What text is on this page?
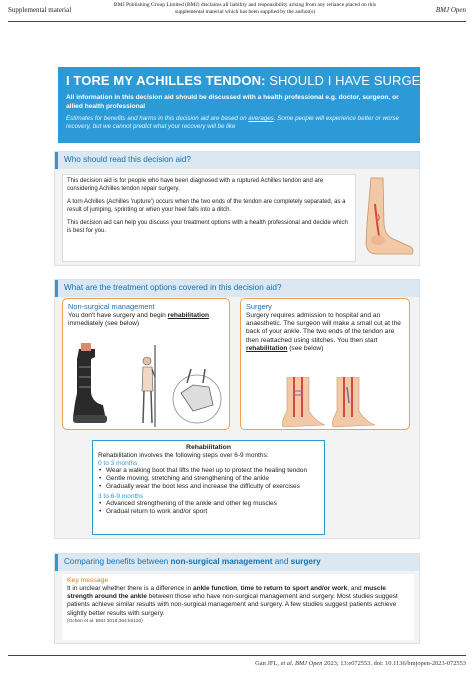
Supplemental material
BMJ Publishing Group Limited (BMJ) disclaims all liability and responsibility arising from any reliance placed on this supplemental material which has been supplied by the author(s)	BMJ Open
I TORE MY ACHILLES TENDON: SHOULD I HAVE SURGERY?
All information in this decision aid should be discussed with a health professional e.g. doctor, surgeon, or allied health professional
Estimates for benefits and harms in this decision aid are based on averages. Some people will experience better or worse recovery, but we cannot predict what your recovery will be like
Who should read this decision aid?

This decision aid is for people who have been diagnosed with a ruptured Achilles tendon and are considering Achilles tendon repair surgery.

A torn Achilles (Achilles 'rupture') occurs when the two ends of the tendon are completely separated, as a result of jumping, sprinting or when your heel falls into a ditch.

This decision aid can help you discuss your treatment options with a health professional and decide which is best for you.

What are the treatment options covered in this decision aid?
Non-surgical management
You don't have surgery and begin rehabilitation immediately (see below)
Surgery
Surgery requires admission to hospital and an anaesthetic. The surgeon will make a small cut at the back of your ankle. The two ends of the tendon are then reattached using stitches. You then start rehabilitation (see below)
Rehabilitation
Rehabilitation involves the following steps over 6-9 months:
0 to 3 months
• Wear a walking boot that lifts the heel up to protect the healing tendon
• Gentle moving, stretching and strengthening of the ankle
• Gradually wear the boot less and increase the difficulty of exercises
3 to 6-9 months
• Advanced strengthening of the ankle and other leg muscles
• Gradual return to work and/or sport
Comparing benefits between non-surgical management and surgery
Key message
It in unclear whether there is a difference in ankle function, time to return to sport and/or work, and muscle strength around the ankle between those who have non-surgical management and surgery. Most studies suggest patients achieve similar results with non-surgical management and surgery. A few studies suggest patients achieve slightly better results with surgery.
(Ochen et al. BMJ 2018;364:k5120)
Gan JFL, et al. BMJ Open 2023; 13:e072553. doi: 10.1136/bmjopen-2023-072553
